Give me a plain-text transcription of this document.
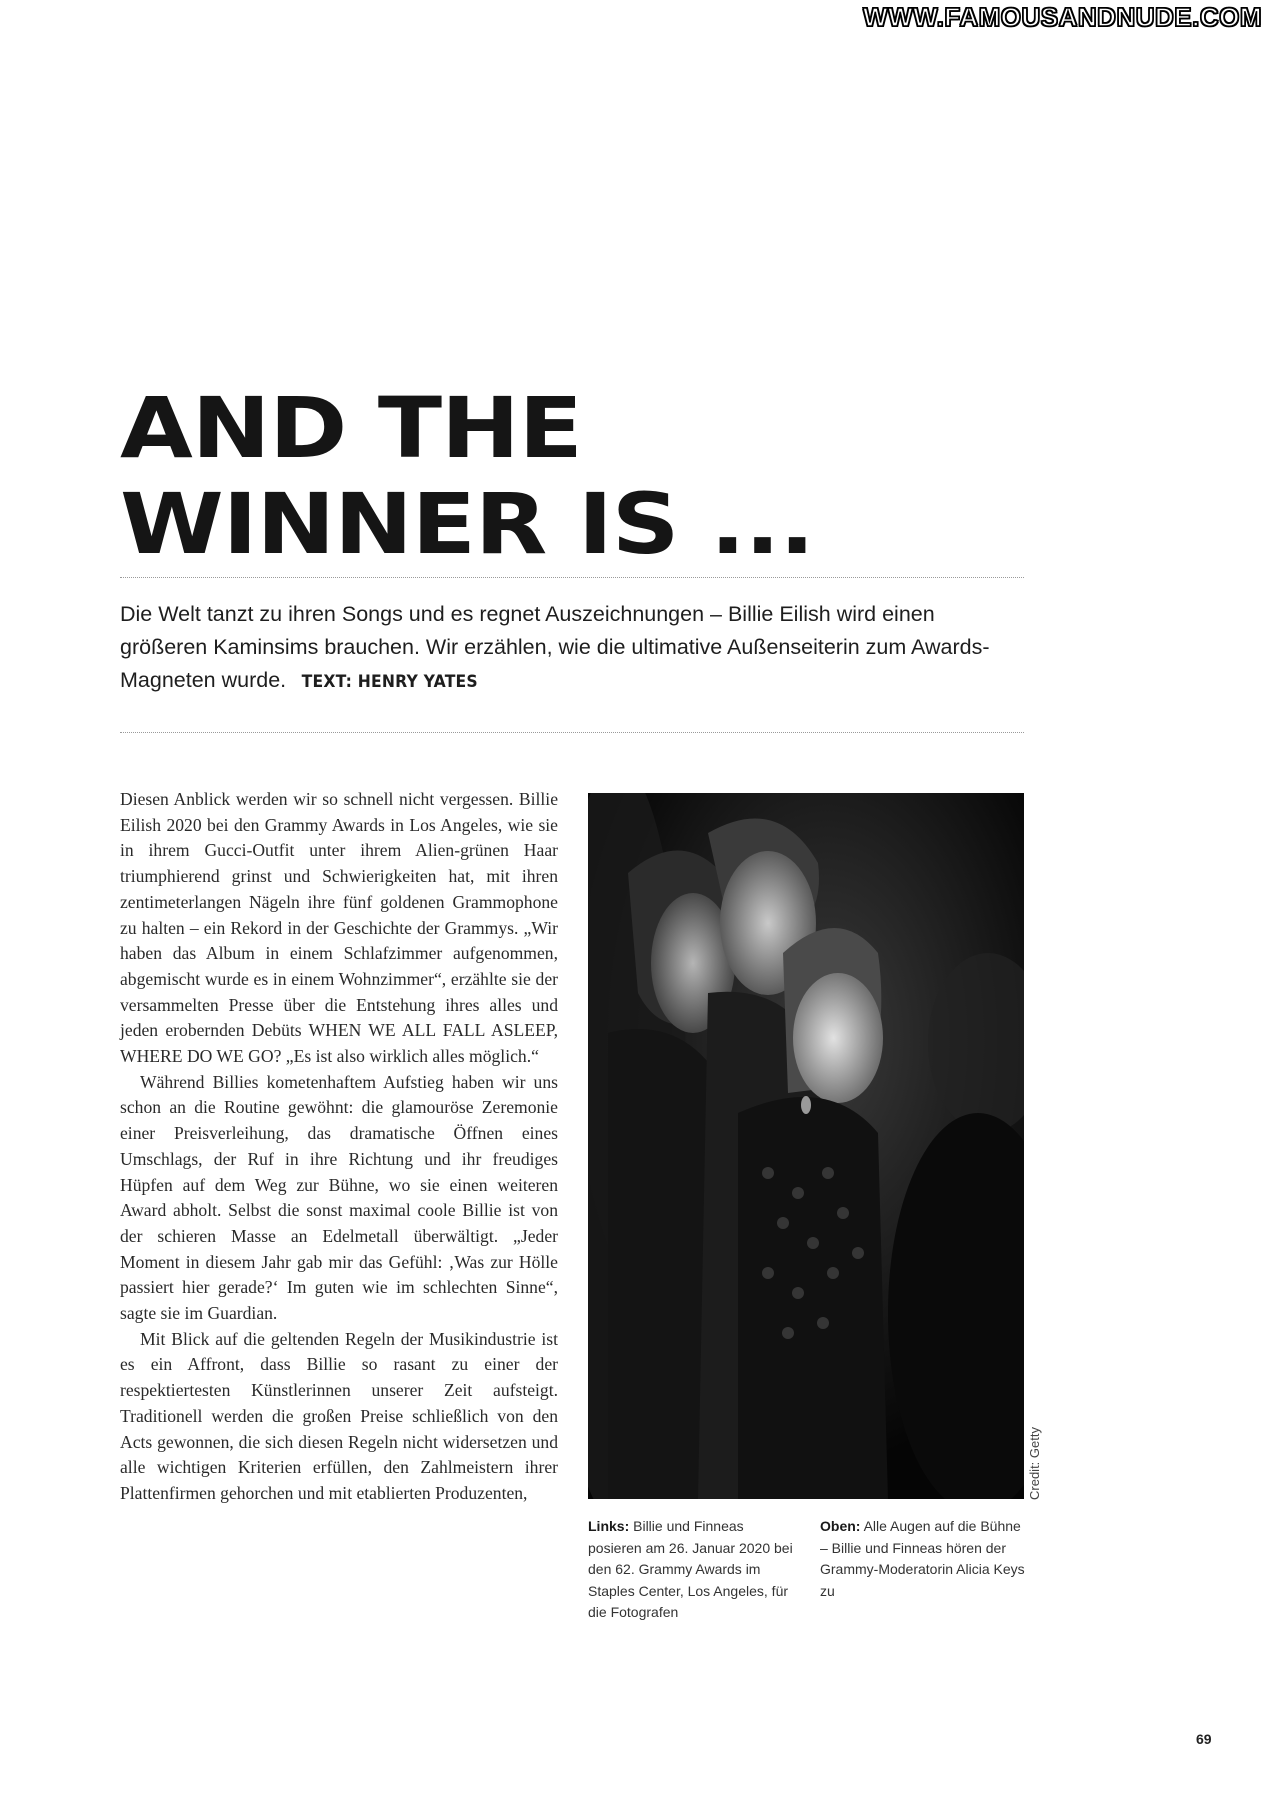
WWW.FAMOUSANDNUDE.COM
AND THE
WINNER IS ...

Die Welt tanzt zu ihren Songs und es regnet Auszeichnungen – Billie Eilish wird einen größeren Kaminsims brauchen. Wir erzählen, wie die ultimative Außenseiterin zum Awards-Magneten wurde. TEXT: HENRY YATES

Diesen Anblick werden wir so schnell nicht vergessen. Billie Eilish 2020 bei den Grammy Awards in Los Angeles, wie sie in ihrem Gucci-Outfit unter ihrem Alien-grünen Haar triumphierend grinst und Schwierigkeiten hat, mit ihren zentimeterlangen Nägeln ihre fünf goldenen Grammophone zu halten – ein Rekord in der Geschichte der Grammys. „Wir haben das Album in einem Schlafzimmer aufgenommen, abgemischt wurde es in einem Wohnzimmer“, erzählte sie der versammelten Presse über die Entstehung ihres alles und jeden erobernden Debüts WHEN WE ALL FALL ASLEEP, WHERE DO WE GO? „Es ist also wirklich alles möglich.“

Während Billies kometenhaftem Aufstieg haben wir uns schon an die Routine gewöhnt: die glamouröse Zeremonie einer Preisverleihung, das dramatische Öffnen eines Umschlags, der Ruf in ihre Richtung und ihr freudiges Hüpfen auf dem Weg zur Bühne, wo sie einen weiteren Award abholt. Selbst die sonst maximal coole Billie ist von der schieren Masse an Edelmetall überwältigt. „Jeder Moment in diesem Jahr gab mir das Gefühl: ‚Was zur Hölle passiert hier gerade?‘ Im guten wie im schlechten Sinne“, sagte sie im Guardian.

Mit Blick auf die geltenden Regeln der Musikindustrie ist es ein Affront, dass Billie so rasant zu einer der respektiertesten Künstlerinnen unserer Zeit aufsteigt. Traditionell werden die großen Preise schließlich von den Acts gewonnen, die sich diesen Regeln nicht widersetzen und alle wichtigen Kriterien erfüllen, den Zahlmeistern ihrer Plattenfirmen gehorchen und mit etablierten Produzenten,	Credit: Getty

Links: Billie und Finneas posieren am 26. Januar 2020 bei den 62. Grammy Awards im Staples Center, Los Angeles, für die Fotografen

Oben: Alle Augen auf die Bühne – Billie und Finneas hören der Grammy-Moderatorin Alicia Keys zu

69
